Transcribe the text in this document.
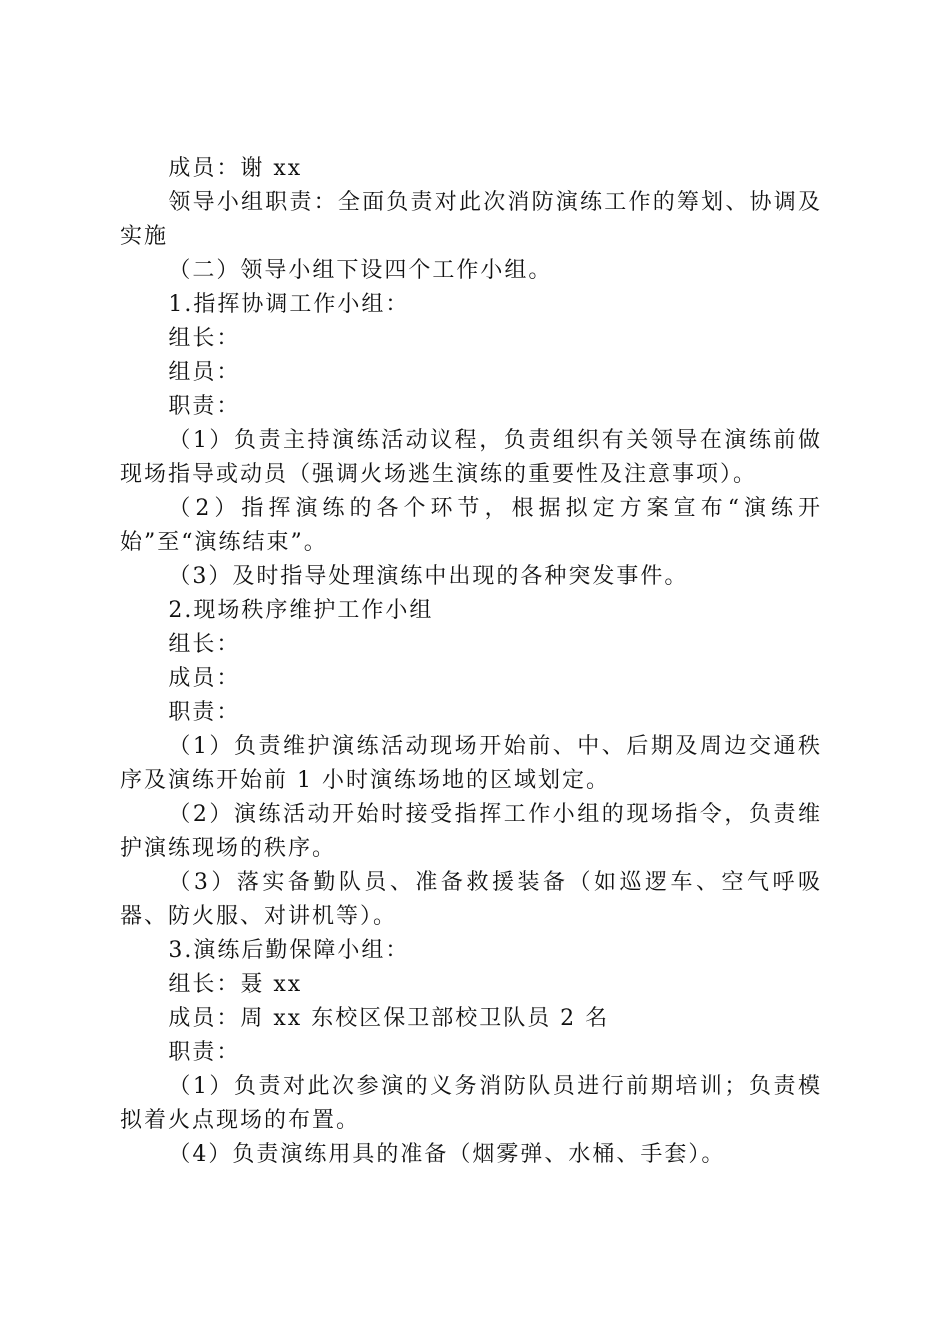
成员：谢 xx

领导小组职责：全面负责对此次消防演练工作的筹划、协调及实施

（二）领导小组下设四个工作小组。

1.指挥协调工作小组：

组长：

组员：

职责：

（1）负责主持演练活动议程，负责组织有关领导在演练前做现场指导或动员（强调火场逃生演练的重要性及注意事项）。

（2）指挥演练的各个环节，根据拟定方案宣布“演练开始”至“演练结束”。

（3）及时指导处理演练中出现的各种突发事件。

2.现场秩序维护工作小组

组长：

成员：

职责：

（1）负责维护演练活动现场开始前、中、后期及周边交通秩序及演练开始前 1 小时演练场地的区域划定。

（2）演练活动开始时接受指挥工作小组的现场指令，负责维护演练现场的秩序。

（3）落实备勤队员、准备救援装备（如巡逻车、空气呼吸器、防火服、对讲机等）。

3.演练后勤保障小组：

组长：聂 xx

成员：周 xx 东校区保卫部校卫队员 2 名

职责：

（1）负责对此次参演的义务消防队员进行前期培训；负责模拟着火点现场的布置。

（4）负责演练用具的准备（烟雾弹、水桶、手套）。
